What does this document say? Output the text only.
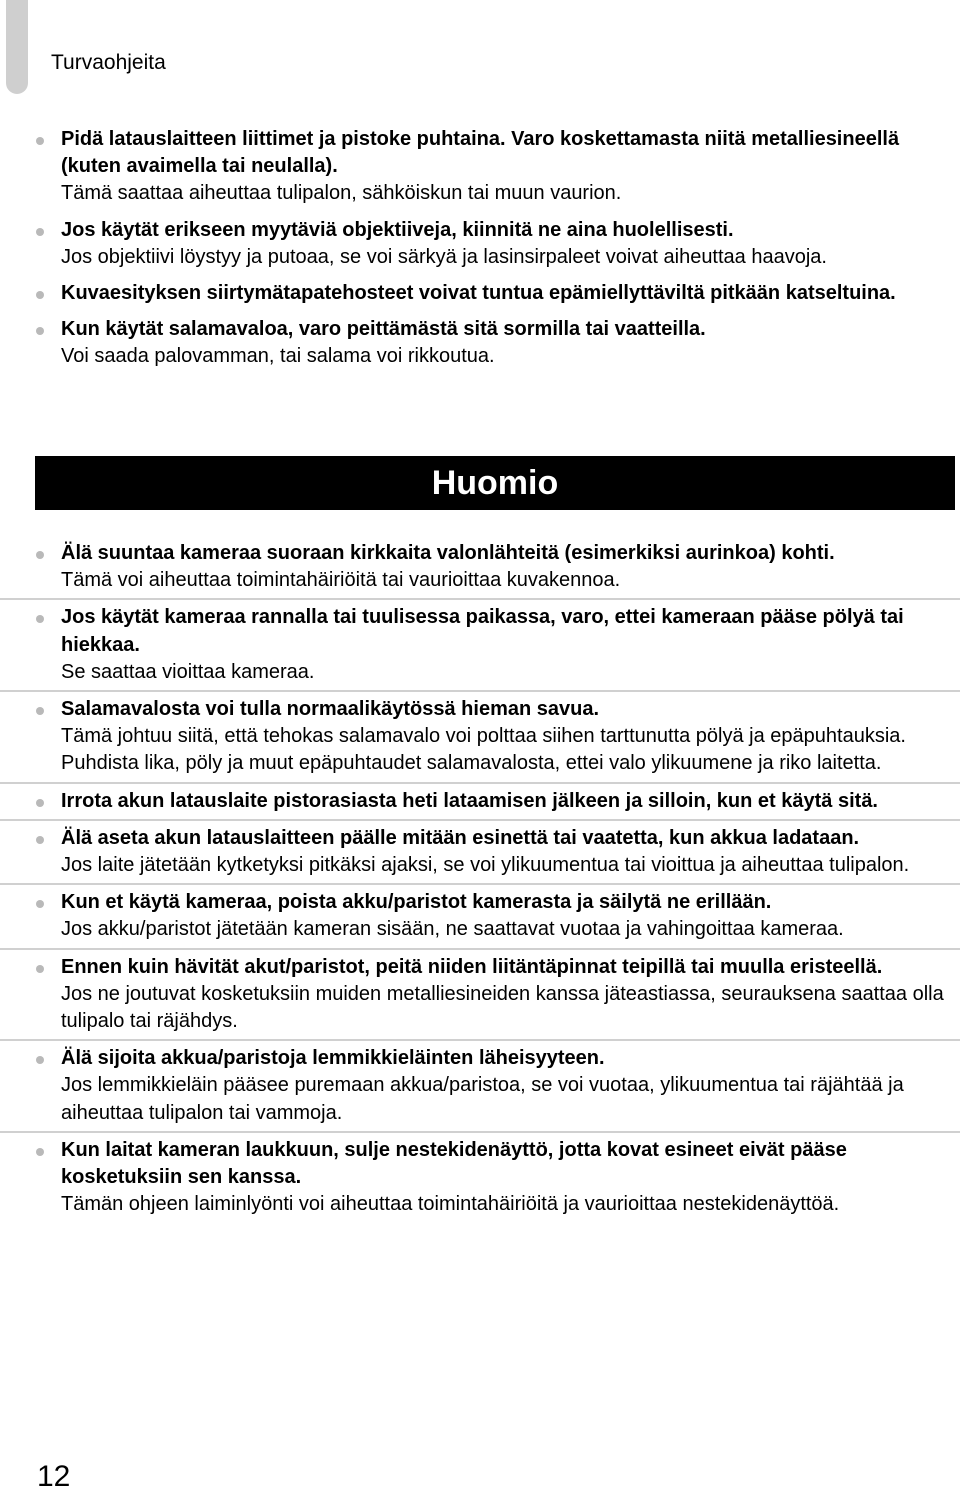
Turvaohjeita
Pidä latauslaitteen liittimet ja pistoke puhtaina. Varo koskettamasta niitä metalliesineellä (kuten avaimella tai neulalla).
Tämä saattaa aiheuttaa tulipalon, sähköiskun tai muun vaurion.
Jos käytät erikseen myytäviä objektiiveja, kiinnitä ne aina huolellisesti.
Jos objektiivi löystyy ja putoaa, se voi särkyä ja lasinsirpaleet voivat aiheuttaa haavoja.
Kuvaesityksen siirtymätapatehosteet voivat tuntua epämiellyttäviltä pitkään katseltuina.
Kun käytät salamavaloa, varo peittämästä sitä sormilla tai vaatteilla.
Voi saada palovamman, tai salama voi rikkoutua.
Huomio
Älä suuntaa kameraa suoraan kirkkaita valonlähteitä (esimerkiksi aurinkoa) kohti.
Tämä voi aiheuttaa toimintahäiriöitä tai vaurioittaa kuvakennoa.
Jos käytät kameraa rannalla tai tuulisessa paikassa, varo, ettei kameraan pääse pölyä tai hiekkaa.
Se saattaa vioittaa kameraa.
Salamavalosta voi tulla normaalikäytössä hieman savua.
Tämä johtuu siitä, että tehokas salamavalo voi polttaa siihen tarttunutta pölyä ja epäpuhtauksia. Puhdista lika, pöly ja muut epäpuhtaudet salamavalosta, ettei valo ylikuumene ja riko laitetta.
Irrota akun latauslaite pistorasiasta heti lataamisen jälkeen ja silloin, kun et käytä sitä.
Älä aseta akun latauslaitteen päälle mitään esinettä tai vaatetta, kun akkua ladataan.
Jos laite jätetään kytketyksi pitkäksi ajaksi, se voi ylikuumentua tai vioittua ja aiheuttaa tulipalon.
Kun et käytä kameraa, poista akku/paristot kamerasta ja säilytä ne erillään.
Jos akku/paristot jätetään kameran sisään, ne saattavat vuotaa ja vahingoittaa kameraa.
Ennen kuin hävität akut/paristot, peitä niiden liitäntäpinnat teipillä tai muulla eristeellä.
Jos ne joutuvat kosketuksiin muiden metalliesineiden kanssa jäteastiassa, seurauksena saattaa olla tulipalo tai räjähdys.
Älä sijoita akkua/paristoja lemmikkieläinten läheisyyteen.
Jos lemmikkieläin pääsee puremaan akkua/paristoa, se voi vuotaa, ylikuumentua tai räjähtää ja aiheuttaa tulipalon tai vammoja.
Kun laitat kameran laukkuun, sulje nestekidenäyttö, jotta kovat esineet eivät pääse kosketuksiin sen kanssa.
Tämän ohjeen laiminlyönti voi aiheuttaa toimintahäiriöitä ja vaurioittaa nestekidenäyttöä.
12
